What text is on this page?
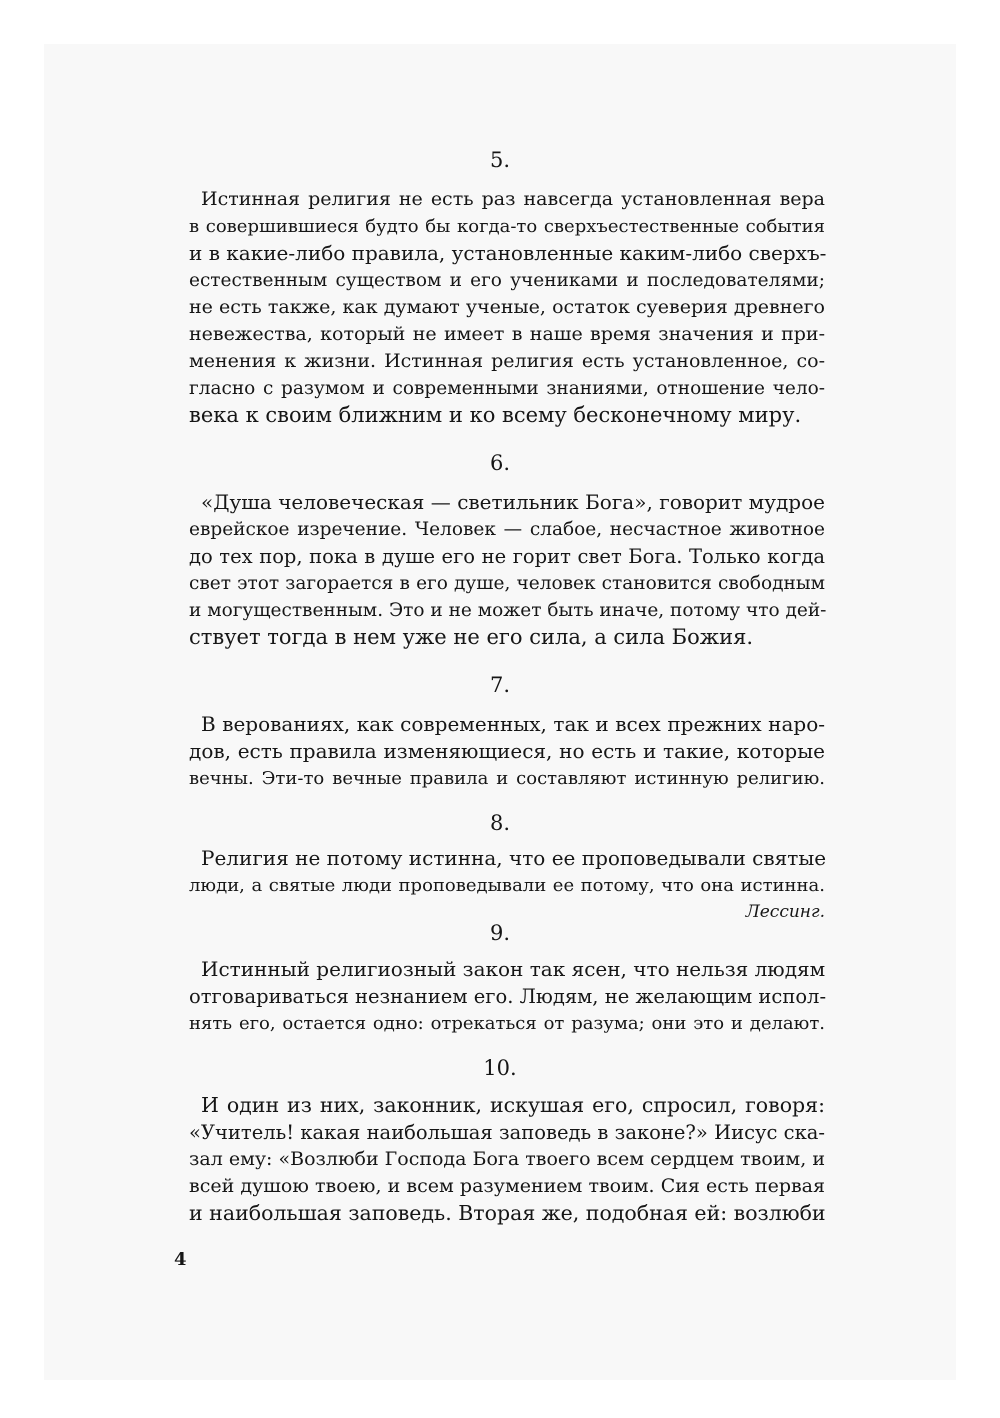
5.
Истинная религия не есть раз навсегда установленная вера
в совершившиеся будто бы когда-то сверхъестественные события
и в какие-либо правила, установленные каким-либо сверхъ-
естественным существом и его учениками и последователями;
не есть также, как думают ученые, остаток суеверия древнего
невежества, который не имеет в наше время значения и при-
менения к жизни. Истинная религия есть установленное, со-
гласно с разумом и современными знаниями, отношение чело-
века к своим ближним и ко всему бесконечному миру.
6.
«Душа человеческая — светильник Бога», говорит мудрое
еврейское изречение. Человек — слабое, несчастное животное
до тех пор, пока в душе его не горит свет Бога. Только когда
свет этот загорается в его душе, человек становится свободным
и могущественным. Это и не может быть иначе, потому что дей-
ствует тогда в нем уже не его сила, а сила Божия.
7.
В верованиях, как современных, так и всех прежних наро-
дов, есть правила изменяющиеся, но есть и такие, которые
вечны. Эти-то вечные правила и составляют истинную религию.
8.
Религия не потому истинна, что ее проповедывали святые
люди, а святые люди проповедывали ее потому, что она истинна.
Лессинг.
9.
Истинный религиозный закон так ясен, что нельзя людям
отговариваться незнанием его. Людям, не желающим испол-
нять его, остается одно: отрекаться от разума; они это и делают.
10.
И один из них, законник, искушая его, спросил, говоря:
«Учитель! какая наибольшая заповедь в законе?» Иисус ска-
зал ему: «Возлюби Господа Бога твоего всем сердцем твоим, и
всей душою твоею, и всем разумением твоим. Сия есть первая
и наибольшая заповедь. Вторая же, подобная ей: возлюби
4
